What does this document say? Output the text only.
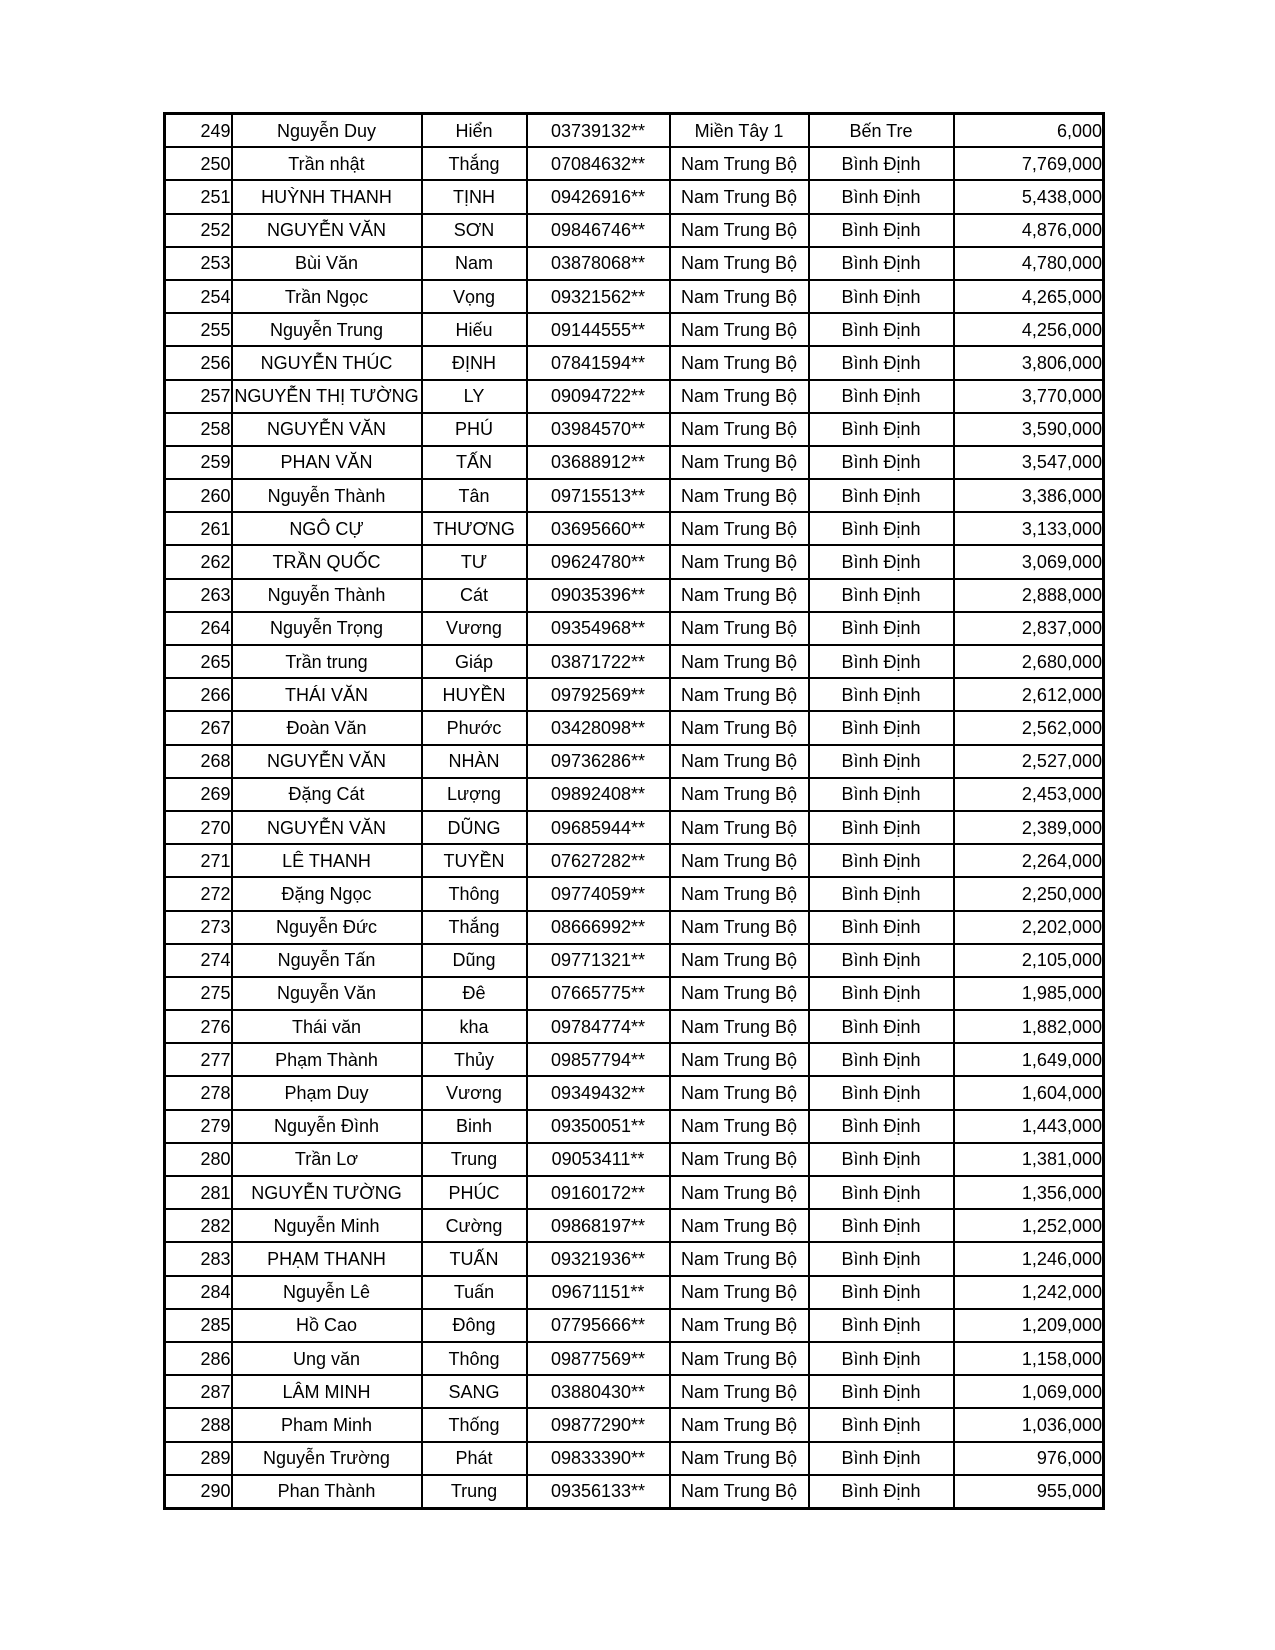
249	Nguyễn Duy	Hiển	03739132**	Miền Tây 1	Bến Tre	6,000
250	Trần nhật	Thắng	07084632**	Nam Trung Bộ	Bình Định	7,769,000
251	HUỲNH THANH	TỊNH	09426916**	Nam Trung Bộ	Bình Định	5,438,000
252	NGUYỄN VĂN	SƠN	09846746**	Nam Trung Bộ	Bình Định	4,876,000
253	Bùi Văn	Nam	03878068**	Nam Trung Bộ	Bình Định	4,780,000
254	Trần Ngọc	Vọng	09321562**	Nam Trung Bộ	Bình Định	4,265,000
255	Nguyễn Trung	Hiếu	09144555**	Nam Trung Bộ	Bình Định	4,256,000
256	NGUYỄN THÚC	ĐỊNH	07841594**	Nam Trung Bộ	Bình Định	3,806,000
257	NGUYỄN THỊ TƯỜNG	LY	09094722**	Nam Trung Bộ	Bình Định	3,770,000
258	NGUYỄN VĂN	PHÚ	03984570**	Nam Trung Bộ	Bình Định	3,590,000
259	PHAN VĂN	TẤN	03688912**	Nam Trung Bộ	Bình Định	3,547,000
260	Nguyễn Thành	Tân	09715513**	Nam Trung Bộ	Bình Định	3,386,000
261	NGÔ CỰ	THƯƠNG	03695660**	Nam Trung Bộ	Bình Định	3,133,000
262	TRẦN QUỐC	TƯ	09624780**	Nam Trung Bộ	Bình Định	3,069,000
263	Nguyễn Thành	Cát	09035396**	Nam Trung Bộ	Bình Định	2,888,000
264	Nguyễn Trọng	Vương	09354968**	Nam Trung Bộ	Bình Định	2,837,000
265	Trần trung	Giáp	03871722**	Nam Trung Bộ	Bình Định	2,680,000
266	THÁI VĂN	HUYỀN	09792569**	Nam Trung Bộ	Bình Định	2,612,000
267	Đoàn Văn	Phước	03428098**	Nam Trung Bộ	Bình Định	2,562,000
268	NGUYỄN VĂN	NHÀN	09736286**	Nam Trung Bộ	Bình Định	2,527,000
269	Đặng Cát	Lượng	09892408**	Nam Trung Bộ	Bình Định	2,453,000
270	NGUYỄN VĂN	DŨNG	09685944**	Nam Trung Bộ	Bình Định	2,389,000
271	LÊ THANH	TUYỀN	07627282**	Nam Trung Bộ	Bình Định	2,264,000
272	Đặng Ngọc	Thông	09774059**	Nam Trung Bộ	Bình Định	2,250,000
273	Nguyễn Đức	Thắng	08666992**	Nam Trung Bộ	Bình Định	2,202,000
274	Nguyễn Tấn	Dũng	09771321**	Nam Trung Bộ	Bình Định	2,105,000
275	Nguyễn Văn	Đê	07665775**	Nam Trung Bộ	Bình Định	1,985,000
276	Thái văn	kha	09784774**	Nam Trung Bộ	Bình Định	1,882,000
277	Phạm Thành	Thủy	09857794**	Nam Trung Bộ	Bình Định	1,649,000
278	Phạm Duy	Vương	09349432**	Nam Trung Bộ	Bình Định	1,604,000
279	Nguyễn Đình	Binh	09350051**	Nam Trung Bộ	Bình Định	1,443,000
280	Trần Lơ	Trung	09053411**	Nam Trung Bộ	Bình Định	1,381,000
281	NGUYỄN TƯỜNG	PHÚC	09160172**	Nam Trung Bộ	Bình Định	1,356,000
282	Nguyễn Minh	Cường	09868197**	Nam Trung Bộ	Bình Định	1,252,000
283	PHẠM THANH	TUẤN	09321936**	Nam Trung Bộ	Bình Định	1,246,000
284	Nguyễn Lê	Tuấn	09671151**	Nam Trung Bộ	Bình Định	1,242,000
285	Hồ Cao	Đông	07795666**	Nam Trung Bộ	Bình Định	1,209,000
286	Ung văn	Thông	09877569**	Nam Trung Bộ	Bình Định	1,158,000
287	LÂM MINH	SANG	03880430**	Nam Trung Bộ	Bình Định	1,069,000
288	Pham Minh	Thống	09877290**	Nam Trung Bộ	Bình Định	1,036,000
289	Nguyễn Trường	Phát	09833390**	Nam Trung Bộ	Bình Định	976,000
290	Phan Thành	Trung	09356133**	Nam Trung Bộ	Bình Định	955,000
